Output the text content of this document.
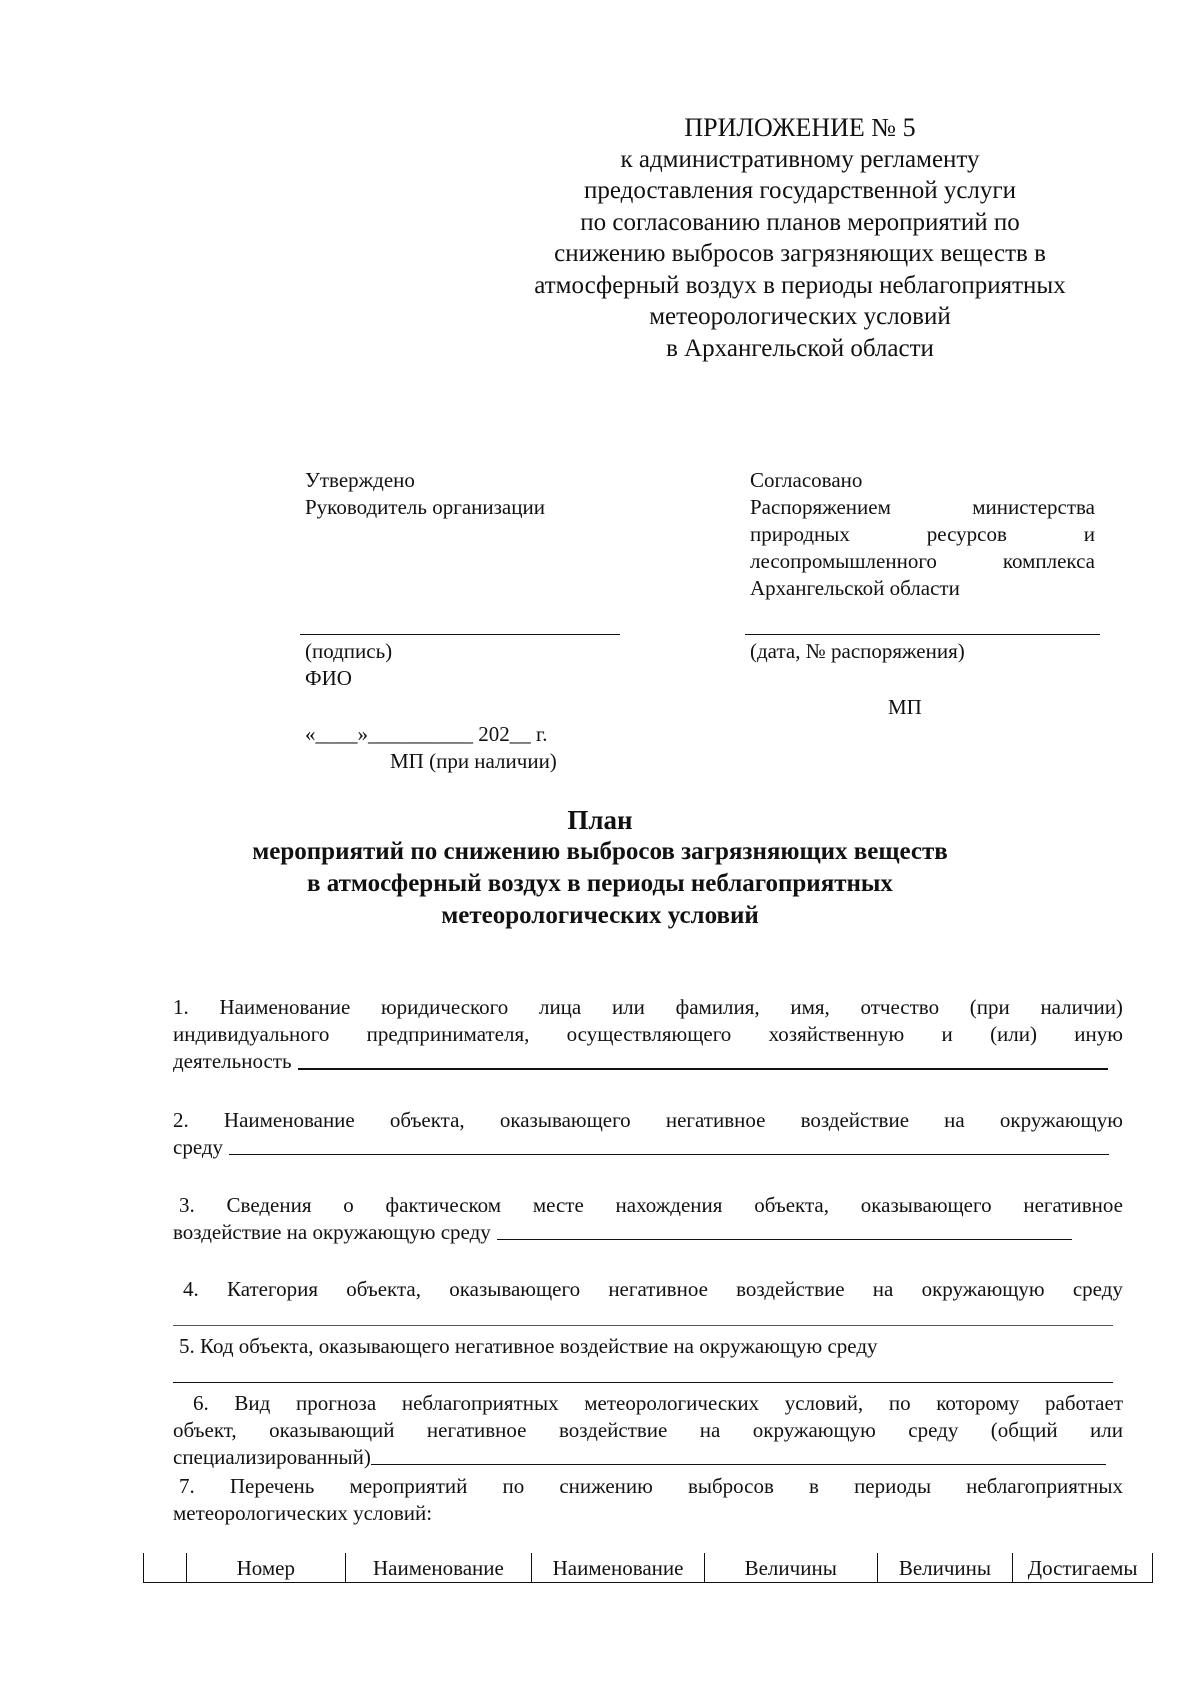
ПРИЛОЖЕНИЕ № 5
к административному регламенту
предоставления государственной услуги
по согласованию планов мероприятий по
снижению выбросов загрязняющих веществ в
атмосферный воздух в периоды неблагоприятных
метеорологических условий
в Архангельской области
Утверждено
Руководитель организации
(подпись)
ФИО
«____»__________ 202__ г.
МП (при наличии)
Согласовано
Распоряжением	министерства
природных	ресурсов	и
лесопромышленного	комплекса
Архангельской области
(дата, № распоряжения)
МП
План
мероприятий по снижению выбросов загрязняющих веществ
в атмосферный воздух в периоды неблагоприятных
метеорологических условий
1. Наименование юридического лица или фамилия, имя, отчество (при наличии)
индивидуального предпринимателя, осуществляющего хозяйственную и (или) иную
деятельность
2. Наименование объекта, оказывающего негативное воздействие на окружающую
среду
3. Сведения о фактическом месте нахождения объекта, оказывающего негативное
воздействие на окружающую среду
4. Категория объекта, оказывающего негативное воздействие на окружающую среду
5. Код объекта, оказывающего негативное воздействие на окружающую среду
6. Вид прогноза неблагоприятных метеорологических условий, по которому работает
объект, оказывающий негативное воздействие на окружающую среду (общий или
специализированный)
7. Перечень мероприятий по снижению выбросов в периоды неблагоприятных
метеорологических условий:
Номер	Наименование	Наименование	Величины	Величины	Достигаемы
